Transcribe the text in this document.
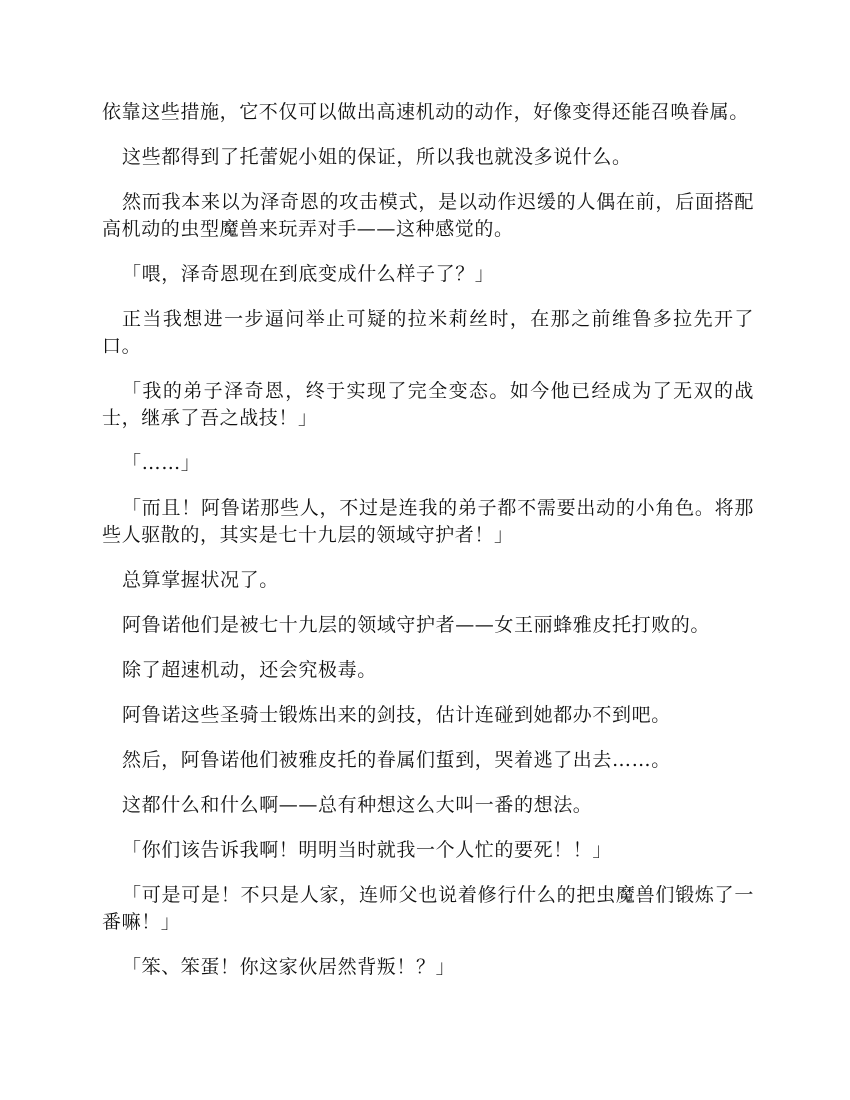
依靠这些措施，它不仅可以做出高速机动的动作，好像变得还能召唤眷属。

这些都得到了托蕾妮小姐的保证，所以我也就没多说什么。

然而我本来以为泽奇恩的攻击模式，是以动作迟缓的人偶在前，后面搭配高机动的虫型魔兽来玩弄对手——这种感觉的。

「喂，泽奇恩现在到底变成什么样子了？」

正当我想进一步逼问举止可疑的拉米莉丝时，在那之前维鲁多拉先开了口。

「我的弟子泽奇恩，终于实现了完全变态。如今他已经成为了无双的战士，继承了吾之战技！」

「……」

「而且！阿鲁诺那些人，不过是连我的弟子都不需要出动的小角色。将那些人驱散的，其实是七十九层的领域守护者！」

总算掌握状况了。

阿鲁诺他们是被七十九层的领域守护者——女王丽蜂雅皮托打败的。

除了超速机动，还会究极毒。

阿鲁诺这些圣骑士锻炼出来的剑技，估计连碰到她都办不到吧。

然后，阿鲁诺他们被雅皮托的眷属们蜇到，哭着逃了出去……。

这都什么和什么啊——总有种想这么大叫一番的想法。

「你们该告诉我啊！明明当时就我一个人忙的要死！！」

「可是可是！不只是人家，连师父也说着修行什么的把虫魔兽们锻炼了一番嘛！」

「笨、笨蛋！你这家伙居然背叛！？」
